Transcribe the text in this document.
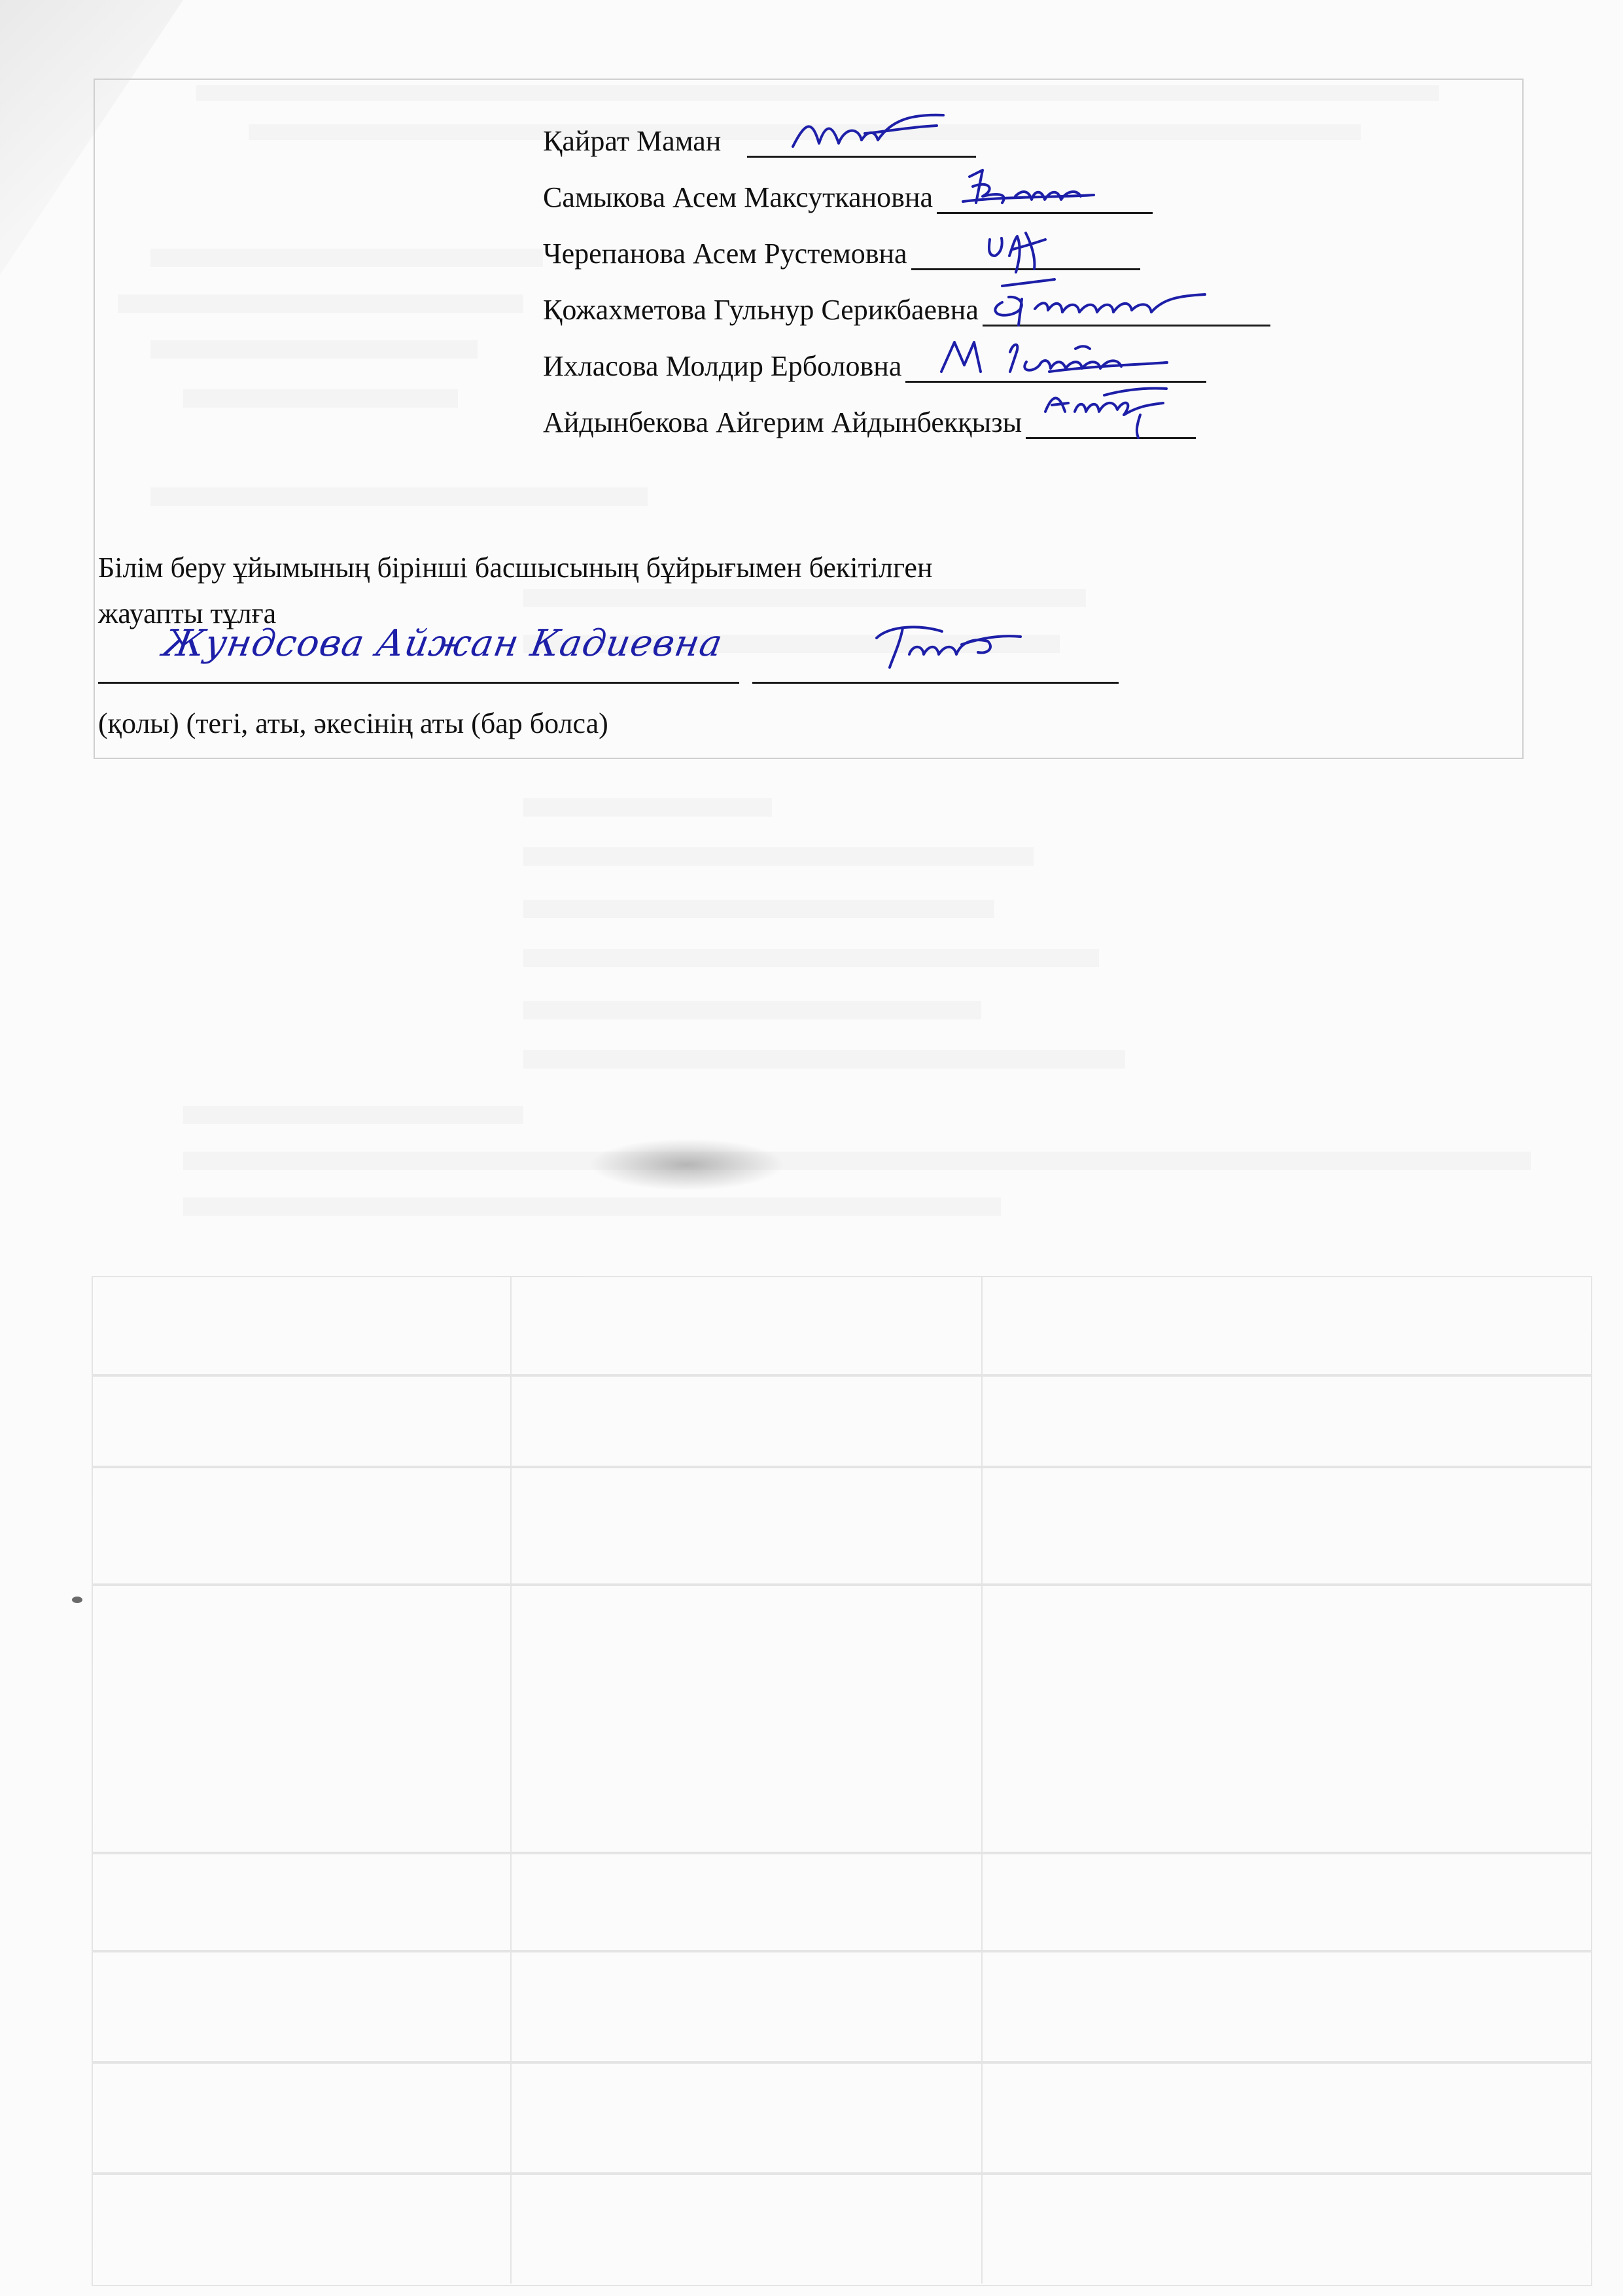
Қайрат Маман
Самыкова Асем Максуткановна
Черепанова Асем Рустемовна
Қожахметова Гульнур Серикбаевна
Ихласова Молдир Ерболовна
Айдынбекова Айгерим Айдынбекқызы
Білім беру ұйымының бірінші басшысының бұйрығымен бекітілген
жауапты тұлға
Жундсова Айжан Кадиевна
(қолы) (тегі, аты, әкесінің аты (бар болса)
